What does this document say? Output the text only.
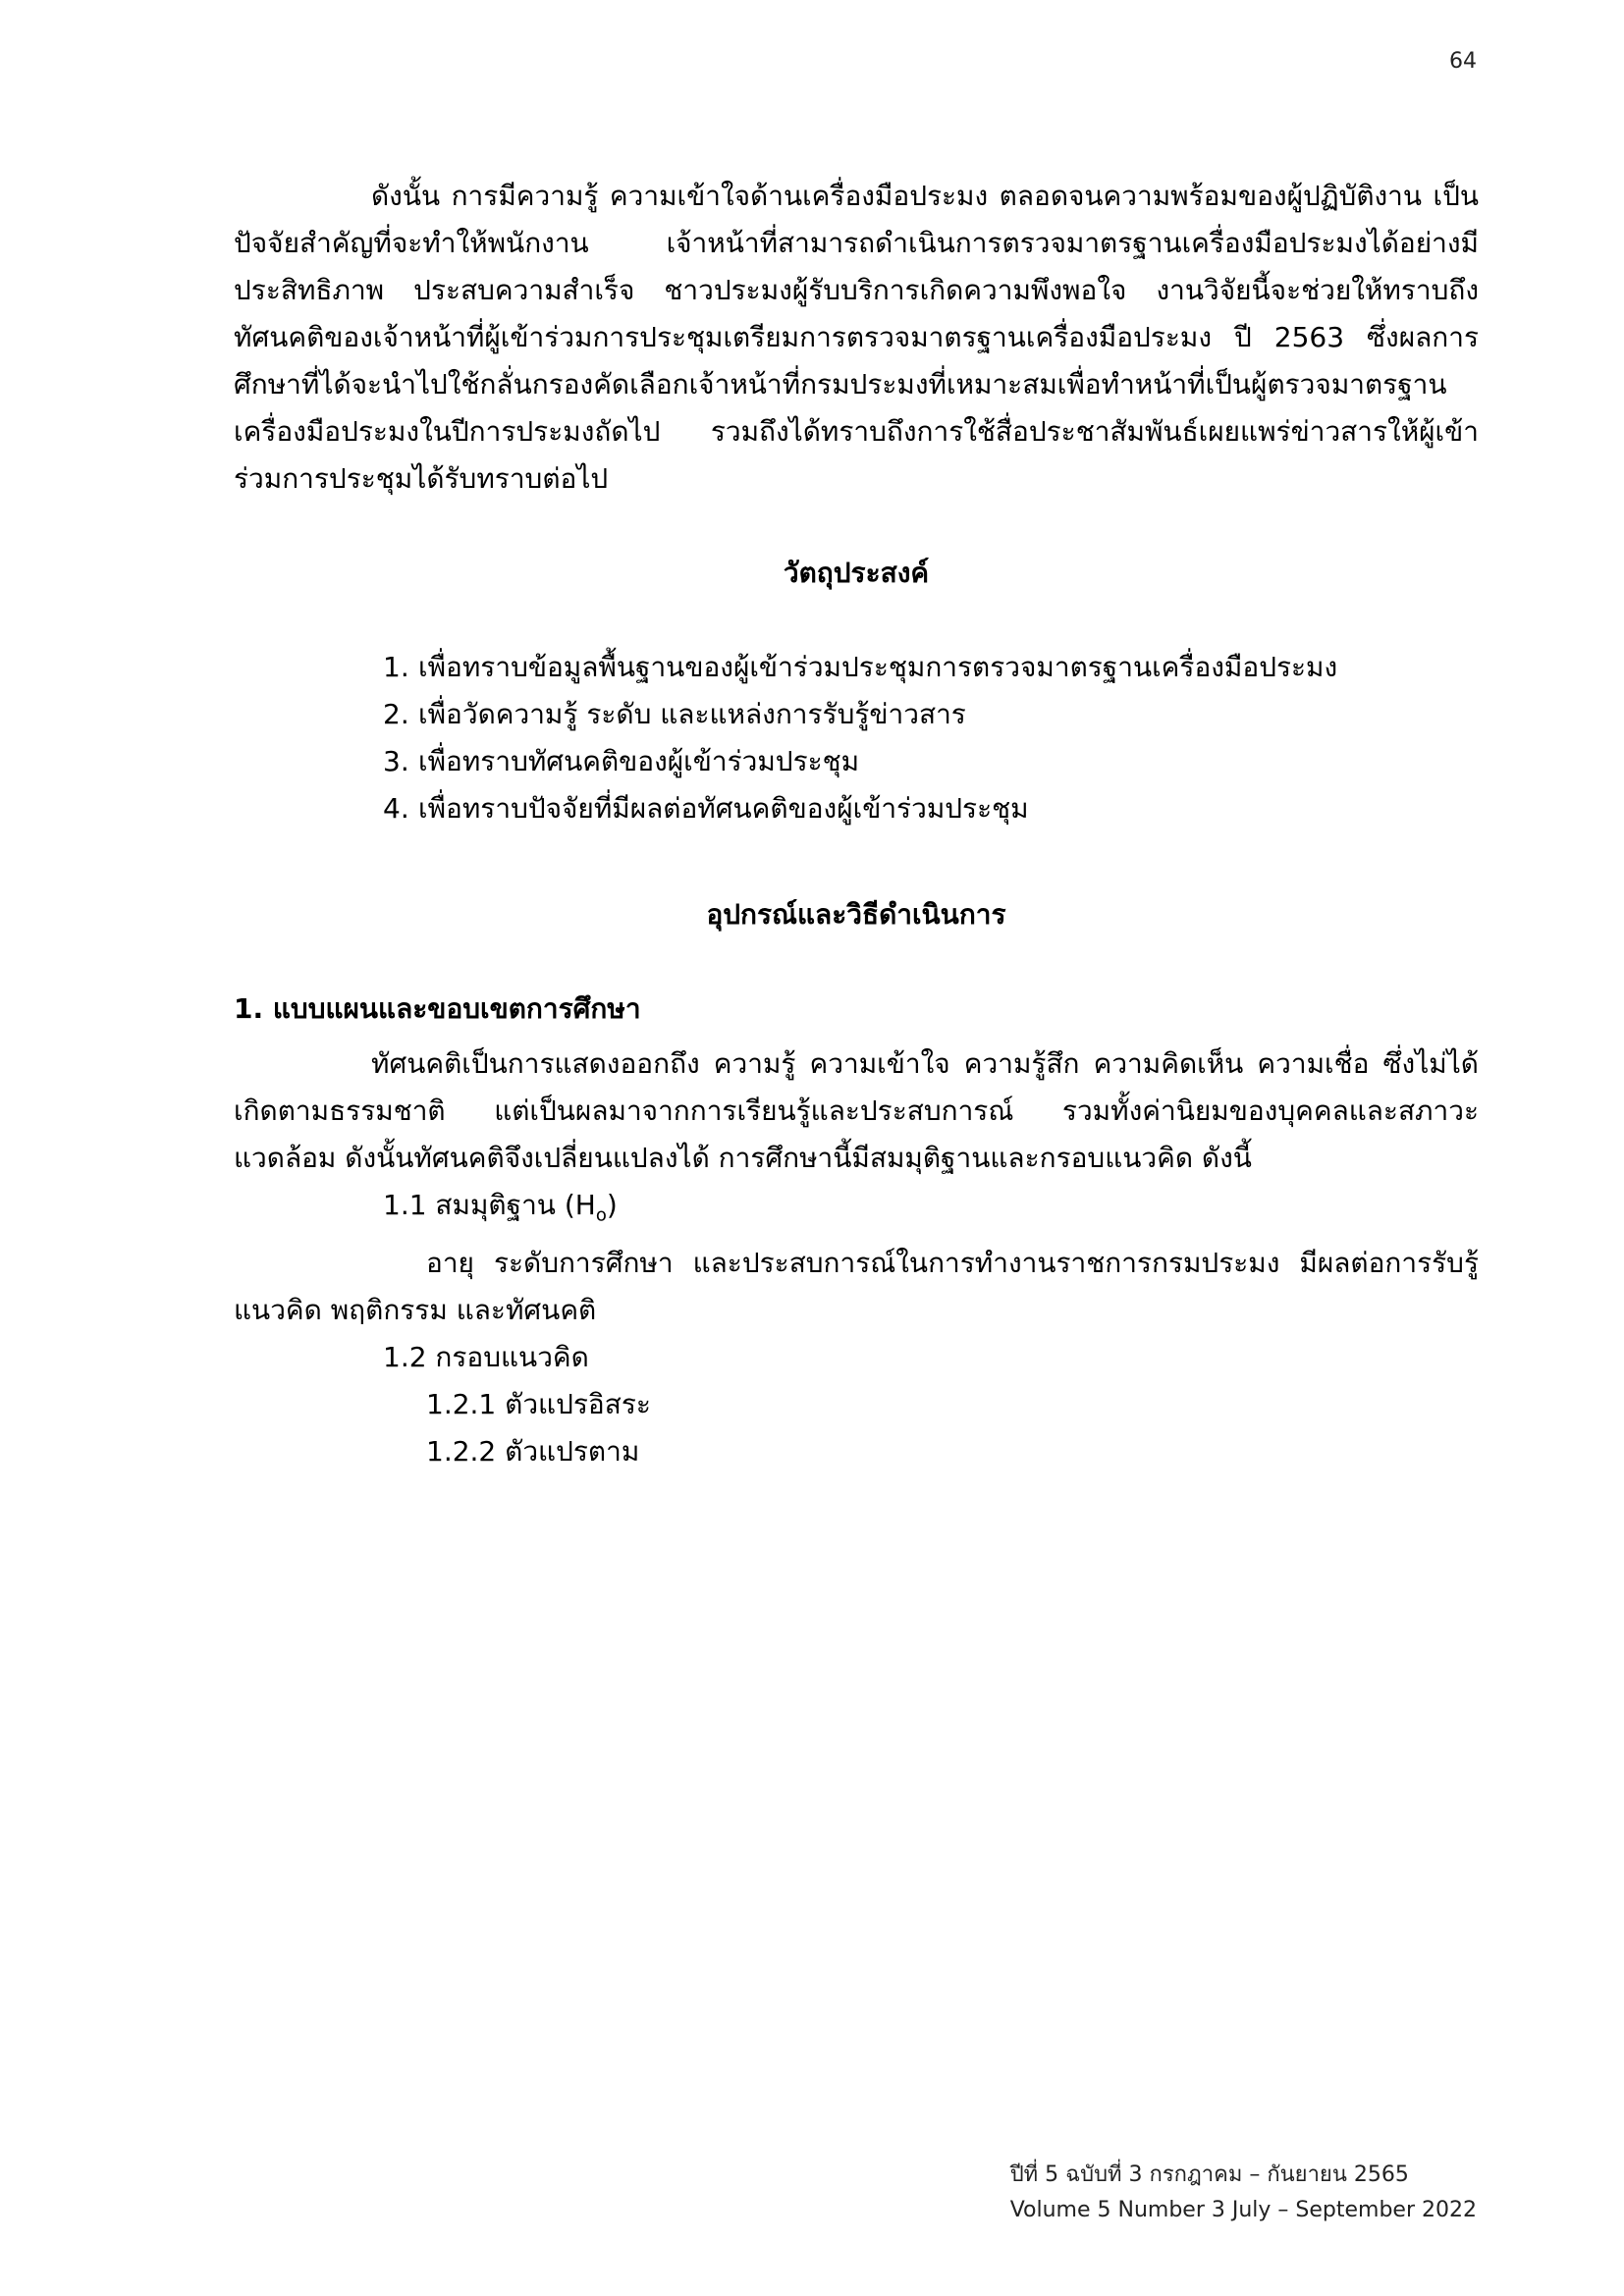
64

ดังนั้น การมีความรู้ ความเข้าใจด้านเครื่องมือประมง ตลอดจนความพร้อมของผู้ปฏิบัติงาน เป็นปัจจัยสำคัญที่จะทำให้พนักงาน เจ้าหน้าที่สามารถดำเนินการตรวจมาตรฐานเครื่องมือประมงได้อย่างมีประสิทธิภาพ ประสบความสำเร็จ ชาวประมงผู้รับบริการเกิดความพึงพอใจ งานวิจัยนี้จะช่วยให้ทราบถึงทัศนคติของเจ้าหน้าที่ผู้เข้าร่วมการประชุมเตรียมการตรวจมาตรฐานเครื่องมือประมง ปี 2563 ซึ่งผลการศึกษาที่ได้จะนำไปใช้กลั่นกรองคัดเลือกเจ้าหน้าที่กรมประมงที่เหมาะสมเพื่อทำหน้าที่เป็นผู้ตรวจมาตรฐานเครื่องมือประมงในปีการประมงถัดไป รวมถึงได้ทราบถึงการใช้สื่อประชาสัมพันธ์เผยแพร่ข่าวสารให้ผู้เข้าร่วมการประชุมได้รับทราบต่อไป

วัตถุประสงค์

1. เพื่อทราบข้อมูลพื้นฐานของผู้เข้าร่วมประชุมการตรวจมาตรฐานเครื่องมือประมง
2. เพื่อวัดความรู้ ระดับ และแหล่งการรับรู้ข่าวสาร
3. เพื่อทราบทัศนคติของผู้เข้าร่วมประชุม
4. เพื่อทราบปัจจัยที่มีผลต่อทัศนคติของผู้เข้าร่วมประชุม

อุปกรณ์และวิธีดำเนินการ

1. แบบแผนและขอบเขตการศึกษา

ทัศนคติเป็นการแสดงออกถึง ความรู้ ความเข้าใจ ความรู้สึก ความคิดเห็น ความเชื่อ ซึ่งไม่ได้เกิดตามธรรมชาติ แต่เป็นผลมาจากการเรียนรู้และประสบการณ์ รวมทั้งค่านิยมของบุคคลและสภาวะแวดล้อม ดังนั้นทัศนคติจึงเปลี่ยนแปลงได้ การศึกษานี้มีสมมุติฐานและกรอบแนวคิด ดังนี้

1.1 สมมุติฐาน $(H_o)$

อายุ ระดับการศึกษา และประสบการณ์ในการทำงานราชการกรมประมง มีผลต่อการรับรู้ แนวคิด พฤติกรรม และทัศนคติ

1.2 กรอบแนวคิด

1.2.1 ตัวแปรอิสระ

1.2.2 ตัวแปรตาม

ปีที่ 5 ฉบับที่ 3 กรกฎาคม – กันยายน 2565
Volume 5 Number 3 July – September 2022
